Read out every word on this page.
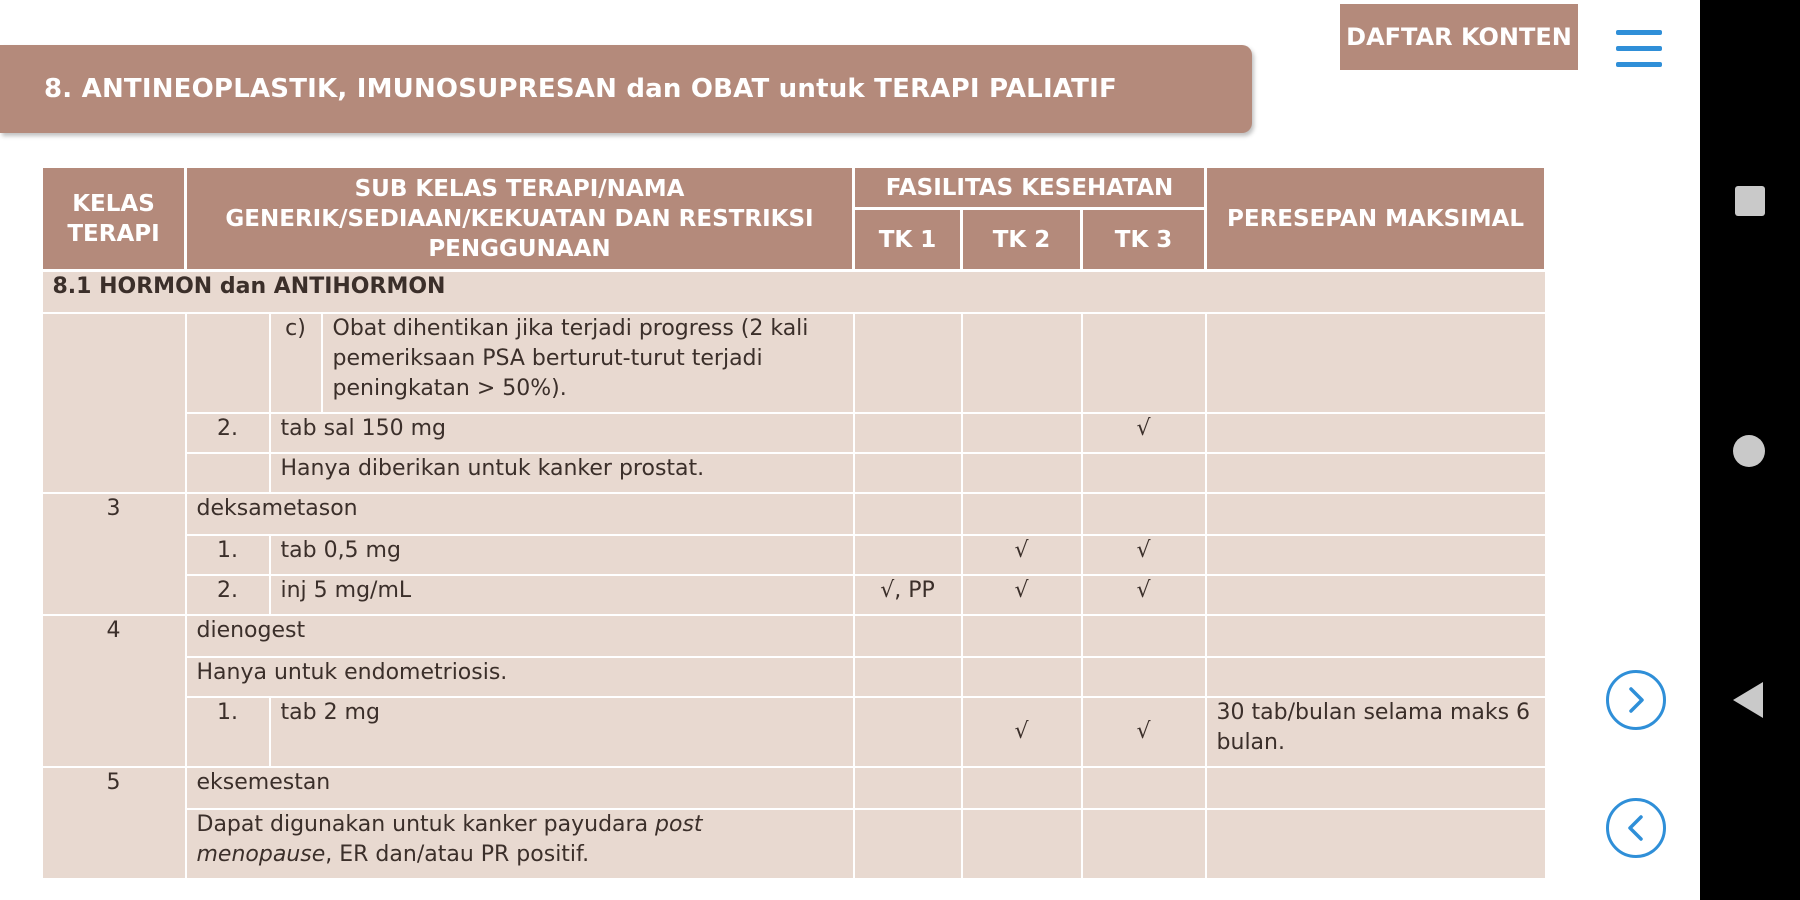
8. ANTINEOPLASTIK, IMUNOSUPRESAN dan OBAT untuk TERAPI PALIATIF
DAFTAR KONTEN
KELAS TERAPI	SUB KELAS TERAPI/NAMA GENERIK/SEDIAAN/KEKUATAN DAN RESTRIKSI PENGGUNAAN			FASILITAS KESEHATAN			PERESEPAN MAKSIMAL
				TK 1	TK 2	TK 3	
8.1 HORMON dan ANTIHORMON							
		c)	Obat dihentikan jika terjadi progress (2 kali pemeriksaan PSA berturut-turut terjadi peningkatan > 50%).				
	2.	tab sal 150 mg				√	
		Hanya diberikan untuk kanker prostat.					
3	deksametason						
	1.	tab 0,5 mg			√	√	
	2.	inj 5 mg/mL		√, PP	√	√	
4	dienogest						
	Hanya untuk endometriosis.						
	1.	tab 2 mg			√	√	30 tab/bulan selama maks 6 bulan.
5	eksemestan						
	Dapat digunakan untuk kanker payudara post menopause, ER dan/atau PR positif.						
